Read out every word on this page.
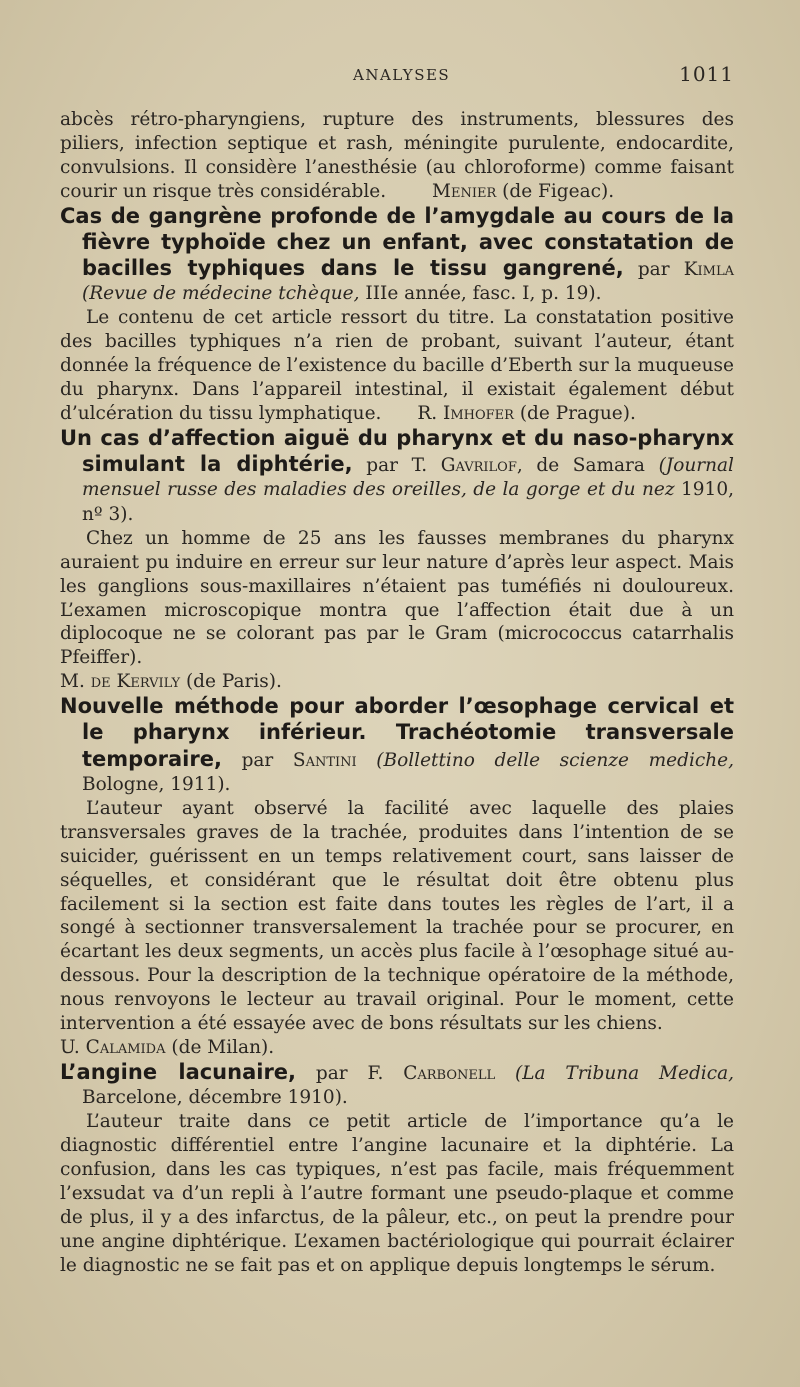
ANALYSES	1011

abcès rétro-pharyngiens, rupture des instruments, blessures des piliers, infection septique et rash, méningite purulente, endocardite, convulsions. Il considère l’anesthésie (au chloroforme) comme faisant courir un risque très considérable. Menier (de Figeac).

Cas de gangrène profonde de l’amygdale au cours de la fièvre typhoïde chez un enfant, avec constatation de bacilles typhiques dans le tissu gangrené, par Kimla (Revue de médecine tchèque, IIIe année, fasc. I, p. 19).

Le contenu de cet article ressort du titre. La constatation positive des bacilles typhiques n’a rien de probant, suivant l’auteur, étant donnée la fréquence de l’existence du bacille d’Eberth sur la muqueuse du pharynx. Dans l’appareil intestinal, il existait également début d’ulcération du tissu lymphatique. R. Imhofer (de Prague).

Un cas d’affection aiguë du pharynx et du naso-pharynx simulant la diphtérie, par T. Gavrilof, de Samara (Journal mensuel russe des maladies des oreilles, de la gorge et du nez 1910, nº 3).

Chez un homme de 25 ans les fausses membranes du pharynx auraient pu induire en erreur sur leur nature d’après leur aspect. Mais les ganglions sous-maxillaires n’étaient pas tuméfiés ni douloureux. L’examen microscopique montra que l’affection était due à un diplocoque ne se colorant pas par le Gram (micrococcus catarrhalis Pfeiffer).

M. de Kervily (de Paris).

Nouvelle méthode pour aborder l’œsophage cervical et le pharynx inférieur. Trachéotomie transversale temporaire, par Santini (Bollettino delle scienze mediche, Bologne, 1911).

L’auteur ayant observé la facilité avec laquelle des plaies transversales graves de la trachée, produites dans l’intention de se suicider, guérissent en un temps relativement court, sans laisser de séquelles, et considérant que le résultat doit être obtenu plus facilement si la section est faite dans toutes les règles de l’art, il a songé à sectionner transversalement la trachée pour se procurer, en écartant les deux segments, un accès plus facile à l’œsophage situé au-dessous. Pour la description de la technique opératoire de la méthode, nous renvoyons le lecteur au travail original. Pour le moment, cette intervention a été essayée avec de bons résultats sur les chiens.

U. Calamida (de Milan).

L’angine lacunaire, par F. Carbonell (La Tribuna Medica, Barcelone, décembre 1910).

L’auteur traite dans ce petit article de l’importance qu’a le diagnostic différentiel entre l’angine lacunaire et la diphtérie. La confusion, dans les cas typiques, n’est pas facile, mais fréquemment l’exsudat va d’un repli à l’autre formant une pseudo-plaque et comme de plus, il y a des infarctus, de la pâleur, etc., on peut la prendre pour une angine diphtérique. L’examen bactériologique qui pourrait éclairer le diagnostic ne se fait pas et on applique depuis longtemps le sérum.
